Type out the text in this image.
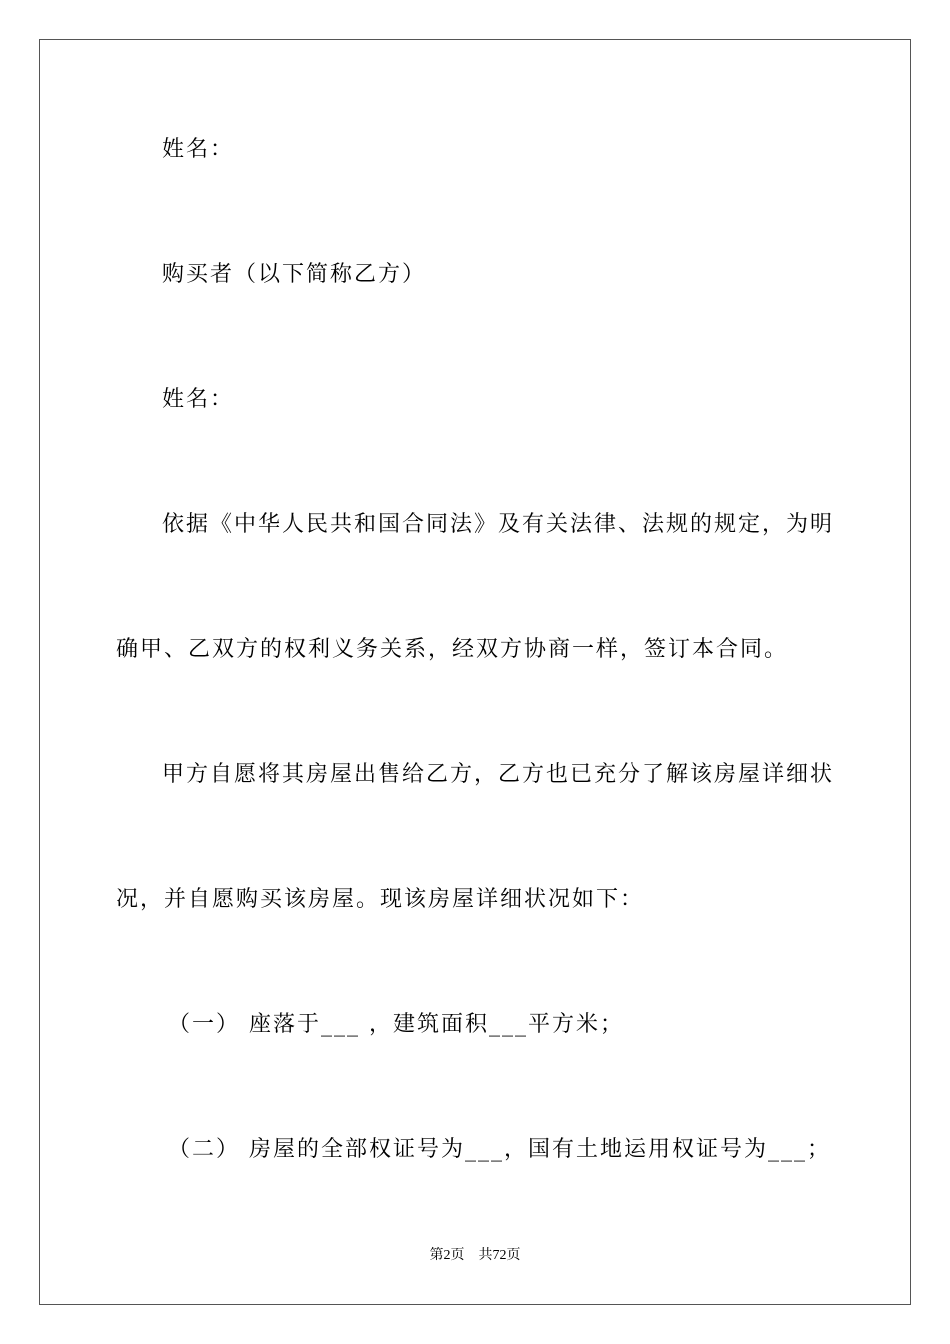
姓名：
购买者（以下简称乙方）
姓名：
依据《中华人民共和国合同法》及有关法律、法规的规定，为明
确甲、乙双方的权利义务关系，经双方协商一样，签订本合同。
甲方自愿将其房屋出售给乙方，乙方也已充分了解该房屋详细状
况，并自愿购买该房屋。现该房屋详细状况如下：
（一） 座落于___ ，建筑面积___平方米；
（二） 房屋的全部权证号为___，国有土地运用权证号为___；
第2页 共72页
